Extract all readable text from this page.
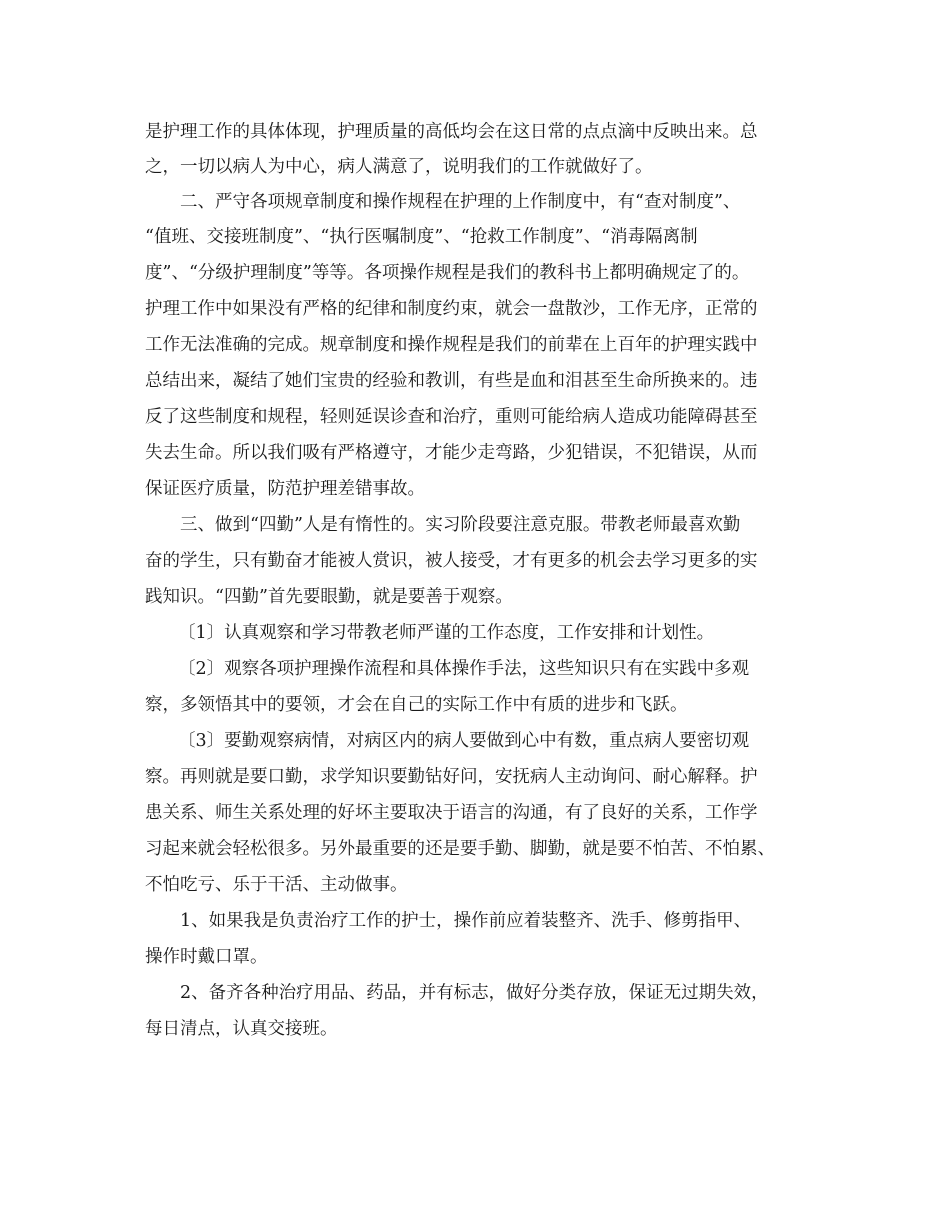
是护理工作的具体体现，护理质量的高低均会在这日常的点点滴中反映出来。总
之，一切以病人为中心，病人满意了，说明我们的工作就做好了。
二、严守各项规章制度和操作规程在护理的上作制度中，有“查对制度”、
“值班、交接班制度”、“执行医嘱制度”、“抢救工作制度”、“消毒隔离制
度”、“分级护理制度”等等。各项操作规程是我们的教科书上都明确规定了的。
护理工作中如果没有严格的纪律和制度约束，就会一盘散沙，工作无序，正常的
工作无法准确的完成。规章制度和操作规程是我们的前辈在上百年的护理实践中
总结出来，凝结了她们宝贵的经验和教训，有些是血和泪甚至生命所换来的。违
反了这些制度和规程，轻则延误诊查和治疗，重则可能给病人造成功能障碍甚至
失去生命。所以我们吸有严格遵守，才能少走弯路，少犯错误，不犯错误，从而
保证医疗质量，防范护理差错事故。
三、做到“四勤”人是有惰性的。实习阶段要注意克服。带教老师最喜欢勤
奋的学生，只有勤奋才能被人赏识，被人接受，才有更多的机会去学习更多的实
践知识。“四勤”首先要眼勤，就是要善于观察。
〔1〕认真观察和学习带教老师严谨的工作态度，工作安排和计划性。
〔2〕观察各项护理操作流程和具体操作手法，这些知识只有在实践中多观
察，多领悟其中的要领，才会在自己的实际工作中有质的进步和飞跃。
〔3〕要勤观察病情，对病区内的病人要做到心中有数，重点病人要密切观
察。再则就是要口勤，求学知识要勤钻好问，安抚病人主动询问、耐心解释。护
患关系、师生关系处理的好坏主要取决于语言的沟通，有了良好的关系，工作学
习起来就会轻松很多。另外最重要的还是要手勤、脚勤，就是要不怕苦、不怕累、
不怕吃亏、乐于干活、主动做事。
1、如果我是负责治疗工作的护士，操作前应着装整齐、洗手、修剪指甲、
操作时戴口罩。
2、备齐各种治疗用品、药品，并有标志，做好分类存放，保证无过期失效，
每日清点，认真交接班。
